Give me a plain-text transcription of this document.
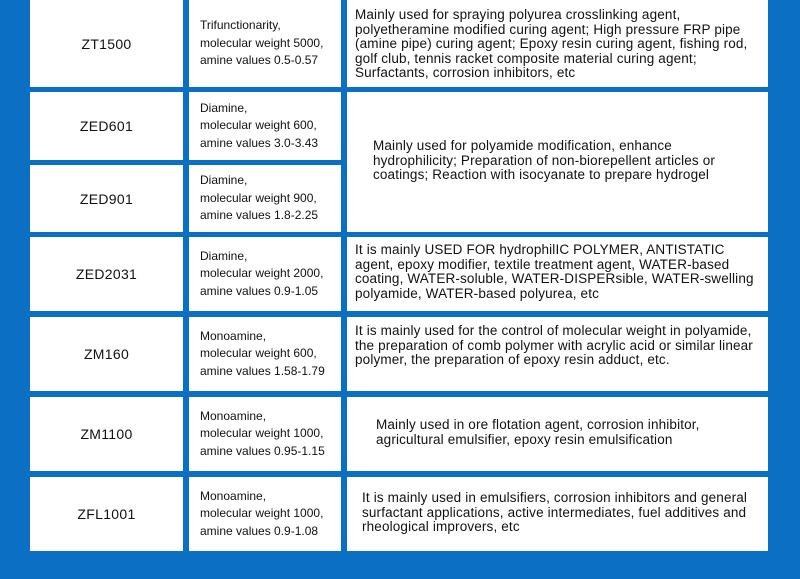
ZT1500
Trifunctionarity,
molecular weight 5000,
amine values 0.5-0.57
Mainly used for spraying polyurea crosslinking agent, polyetheramine modified curing agent; High pressure FRP pipe (amine pipe) curing agent; Epoxy resin curing agent, fishing rod, golf club, tennis racket composite material curing agent; Surfactants, corrosion inhibitors, etc
ZED601
Diamine,
molecular weight 600,
amine values 3.0-3.43
ZED901
Diamine,
molecular weight 900,
amine values 1.8-2.25
Mainly used for polyamide modification, enhance hydrophilicity; Preparation of non-biorepellent articles or coatings; Reaction with isocyanate to prepare hydrogel
ZED2031
Diamine,
molecular weight 2000,
amine values 0.9-1.05
It is mainly USED FOR hydrophilIC POLYMER, ANTISTATIC agent, epoxy modifier, textile treatment agent, WATER-based coating, WATER-soluble, WATER-DISPERsible, WATER-swelling polyamide, WATER-based polyurea, etc
ZM160
Monoamine,
molecular weight 600,
amine values 1.58-1.79
It is mainly used for the control of molecular weight in polyamide, the preparation of comb polymer with acrylic acid or similar linear polymer, the preparation of epoxy resin adduct, etc.
ZM1100
Monoamine,
molecular weight 1000,
amine values 0.95-1.15
Mainly used in ore flotation agent, corrosion inhibitor, agricultural emulsifier, epoxy resin emulsification
ZFL1001
Monoamine,
molecular weight 1000,
amine values 0.9-1.08
It is mainly used in emulsifiers, corrosion inhibitors and general surfactant applications, active intermediates, fuel additives and rheological improvers, etc
